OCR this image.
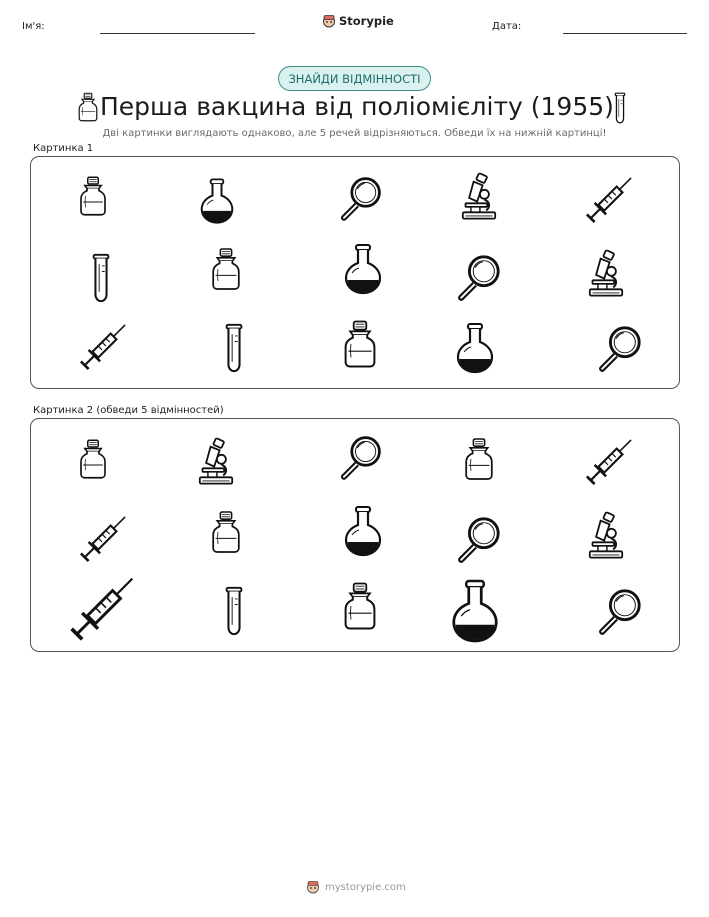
Ім'я:	Storypie	Дата:
ЗНАЙДИ ВІДМІННОСТІ
Перша вакцина від поліомієліту (1955)
Дві картинки виглядають однаково, але 5 речей відрізняються. Обведи їх на нижній картинці!
Картинка 1
Картинка 2 (обведи 5 відмінностей)
mystorypie.com
